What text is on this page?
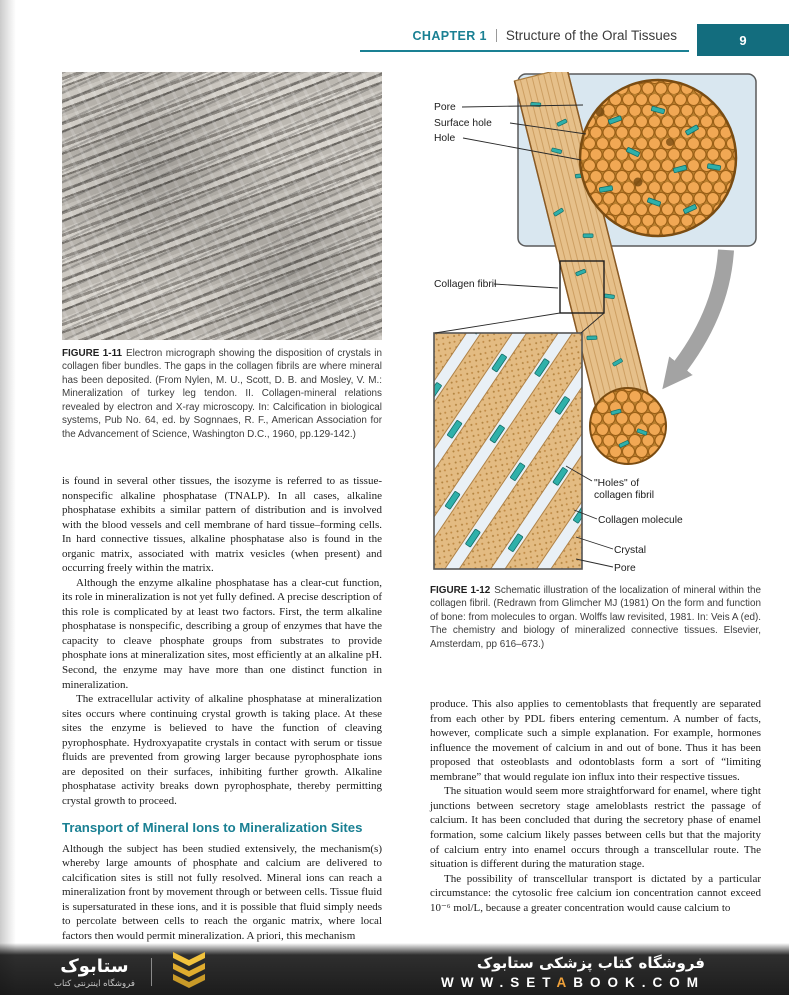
CHAPTER 1 Structure of the Oral Tissues	9
FIGURE 1-11 Electron micrograph showing the disposition of crystals in collagen fiber bundles. The gaps in the collagen fibrils are where mineral has been deposited. (From Nylen, M. U., Scott, D. B. and Mosley, V. M.: Mineralization of turkey leg tendon. II. Collagen-mineral relations revealed by electron and X-ray microscopy. In: Calcification in biological systems, Pub No. 64, ed. by Sognnaes, R. F., American Association for the Advancement of Science, Washington D.C., 1960, pp.129-142.)

is found in several other tissues, the isozyme is referred to as tissue-nonspecific alkaline phosphatase (TNALP). In all cases, alkaline phosphatase exhibits a similar pattern of distribution and is involved with the blood vessels and cell membrane of hard tissue–forming cells. In hard connective tissues, alkaline phosphatase also is found in the organic matrix, associated with matrix vesicles (when present) and occurring freely within the matrix.

Although the enzyme alkaline phosphatase has a clear-cut function, its role in mineralization is not yet fully defined. A precise description of this role is complicated by at least two factors. First, the term alkaline phosphatase is nonspecific, describing a group of enzymes that have the capacity to cleave phosphate groups from substrates to provide phosphate ions at mineralization sites, most efficiently at an alkaline pH. Second, the enzyme may have more than one distinct function in mineralization.

The extracellular activity of alkaline phosphatase at mineralization sites occurs where continuing crystal growth is taking place. At these sites the enzyme is believed to have the function of cleaving pyrophosphate. Hydroxyapatite crystals in contact with serum or tissue fluids are prevented from growing larger because pyrophosphate ions are deposited on their surfaces, inhibiting further growth. Alkaline phosphatase activity breaks down pyrophosphate, thereby permitting crystal growth to proceed.

Transport of Mineral Ions to Mineralization Sites

Although the subject has been studied extensively, the mechanism(s) whereby large amounts of phosphate and calcium are delivered to calcification sites is still not fully resolved. Mineral ions can reach a mineralization front by movement through or between cells. Tissue fluid is supersaturated in these ions, and it is possible that fluid simply needs to percolate between cells to reach the organic matrix, where local factors then would permit mineralization. A priori, this mechanism

Pore
Surface hole
Hole
Collagen fibril
"Holes" of
collagen fibril
Collagen molecule
Crystal
Pore
FIGURE 1-12 Schematic illustration of the localization of mineral within the collagen fibril. (Redrawn from Glimcher MJ (1981) On the form and function of bone: from molecules to organ. Wolffs law revisited, 1981. In: Veis A (ed). The chemistry and biology of mineralized connective tissues. Elsevier, Amsterdam, pp 616–673.)

produce. This also applies to cementoblasts that frequently are separated from each other by PDL fibers entering cementum. A number of facts, however, complicate such a simple explanation. For example, hormones influence the movement of calcium in and out of bone. Thus it has been proposed that osteoblasts and odontoblasts form a sort of “limiting membrane” that would regulate ion influx into their respective tissues.

The situation would seem more straightforward for enamel, where tight junctions between secretory stage ameloblasts restrict the passage of calcium. It has been concluded that during the secretory phase of enamel formation, some calcium likely passes between cells but that the majority of calcium entry into enamel occurs through a transcellular route. The situation is different during the maturation stage.

The possibility of transcellular transport is dictated by a particular circumstance: the cytosolic free calcium ion concentration cannot exceed 10⁻⁶ mol/L, because a greater concentration would cause calcium to

ستابوک
فروشگاه اینترنتی کتاب
فروشگاه کتاب پزشکی ستابوک
WWW.SETABOOK.COM
